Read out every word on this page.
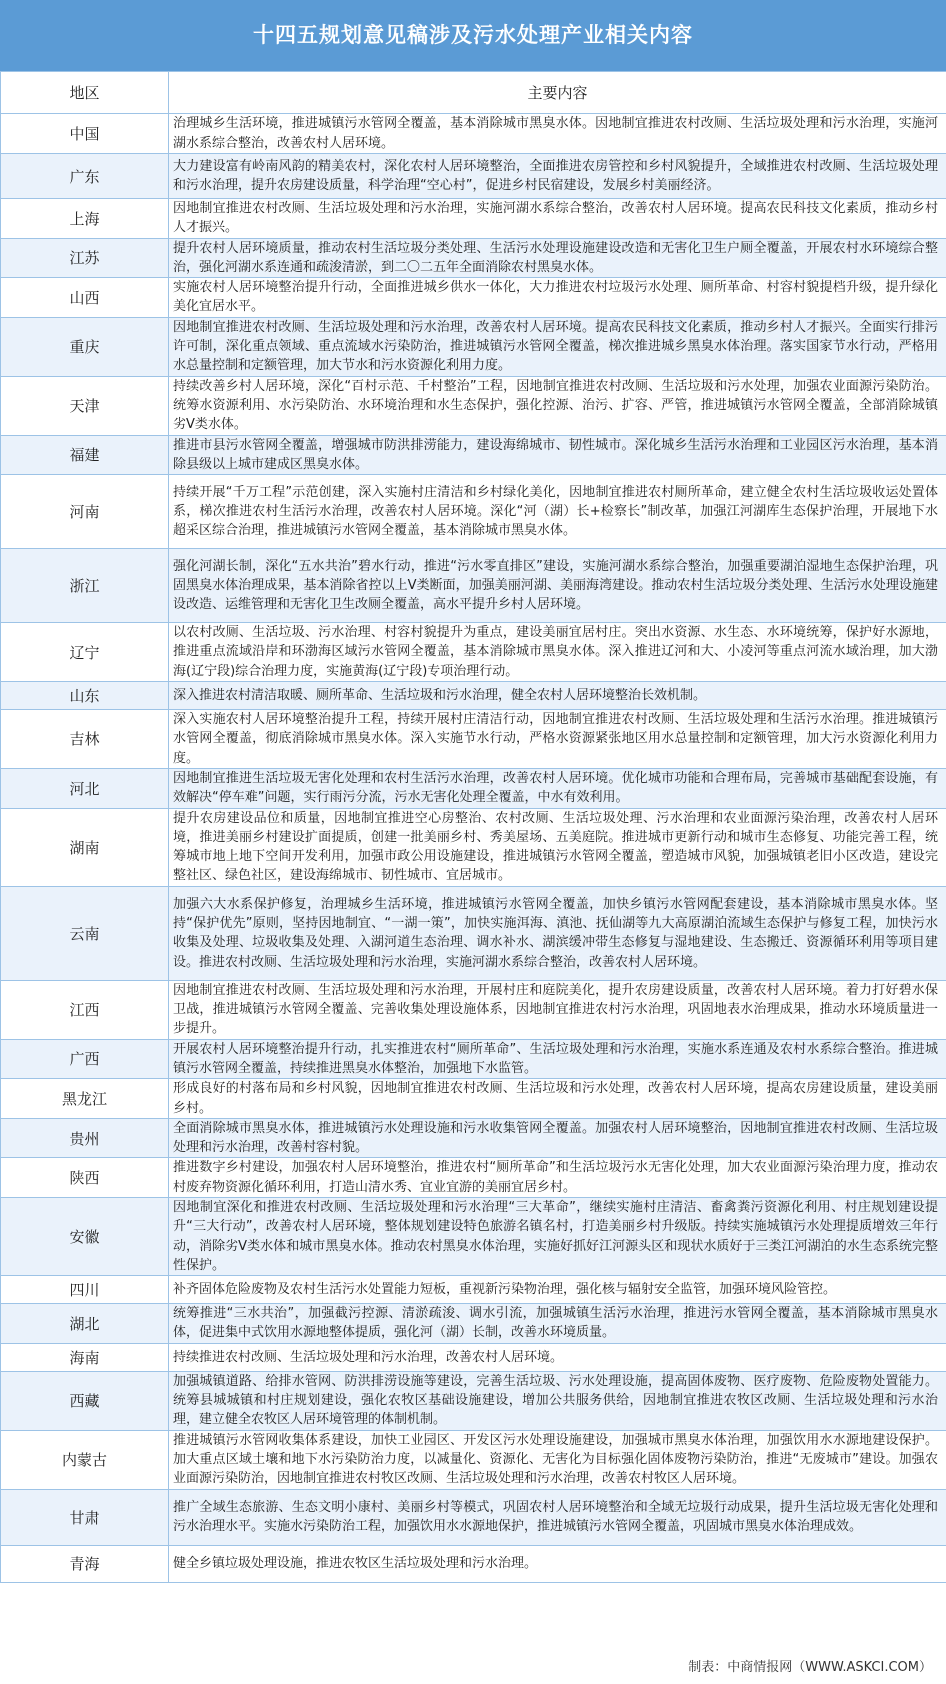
十四五规划意见稿涉及污水处理产业相关内容
地区	主要内容
中国	治理城乡生活环境，推进城镇污水管网全覆盖，基本消除城市黑臭水体。因地制宜推进农村改厕、生活垃圾处理和污水治理，实施河湖水系综合整治，改善农村人居环境。
广东	大力建设富有岭南风韵的精美农村，深化农村人居环境整治，全面推进农房管控和乡村风貌提升，全域推进农村改厕、生活垃圾处理和污水治理，提升农房建设质量，科学治理“空心村”，促进乡村民宿建设，发展乡村美丽经济。
上海	因地制宜推进农村改厕、生活垃圾处理和污水治理，实施河湖水系综合整治，改善农村人居环境。提高农民科技文化素质，推动乡村人才振兴。
江苏	提升农村人居环境质量，推动农村生活垃圾分类处理、生活污水处理设施建设改造和无害化卫生户厕全覆盖，开展农村水环境综合整治，强化河湖水系连通和疏浚清淤，到二〇二五年全面消除农村黑臭水体。
山西	实施农村人居环境整治提升行动，全面推进城乡供水一体化，大力推进农村垃圾污水处理、厕所革命、村容村貌提档升级，提升绿化美化宜居水平。
重庆	因地制宜推进农村改厕、生活垃圾处理和污水治理，改善农村人居环境。提高农民科技文化素质，推动乡村人才振兴。全面实行排污许可制，深化重点领域、重点流域水污染防治，推进城镇污水管网全覆盖，梯次推进城乡黑臭水体治理。落实国家节水行动，严格用水总量控制和定额管理，加大节水和污水资源化利用力度。
天津	持续改善乡村人居环境，深化“百村示范、千村整治”工程，因地制宜推进农村改厕、生活垃圾和污水处理，加强农业面源污染防治。统筹水资源利用、水污染防治、水环境治理和水生态保护，强化控源、治污、扩容、严管，推进城镇污水管网全覆盖，全部消除城镇劣Ⅴ类水体。
福建	推进市县污水管网全覆盖，增强城市防洪排涝能力，建设海绵城市、韧性城市。深化城乡生活污水治理和工业园区污水治理，基本消除县级以上城市建成区黑臭水体。
河南	持续开展“千万工程”示范创建，深入实施村庄清洁和乡村绿化美化，因地制宜推进农村厕所革命，建立健全农村生活垃圾收运处置体系，梯次推进农村生活污水治理，改善农村人居环境。深化“河（湖）长+检察长”制改革，加强江河湖库生态保护治理，开展地下水超采区综合治理，推进城镇污水管网全覆盖，基本消除城市黑臭水体。
浙江	强化河湖长制，深化“五水共治”碧水行动，推进“污水零直排区”建设，实施河湖水系综合整治，加强重要湖泊湿地生态保护治理，巩固黑臭水体治理成果，基本消除省控以上Ⅴ类断面，加强美丽河湖、美丽海湾建设。推动农村生活垃圾分类处理、生活污水处理设施建设改造、运维管理和无害化卫生改厕全覆盖，高水平提升乡村人居环境。
辽宁	以农村改厕、生活垃圾、污水治理、村容村貌提升为重点，建设美丽宜居村庄。突出水资源、水生态、水环境统筹，保护好水源地，推进重点流域沿岸和环渤海区域污水管网全覆盖，基本消除城市黑臭水体。深入推进辽河和大、小凌河等重点河流水域治理，加大渤海(辽宁段)综合治理力度，实施黄海(辽宁段)专项治理行动。
山东	深入推进农村清洁取暖、厕所革命、生活垃圾和污水治理，健全农村人居环境整治长效机制。
吉林	深入实施农村人居环境整治提升工程，持续开展村庄清洁行动，因地制宜推进农村改厕、生活垃圾处理和生活污水治理。推进城镇污水管网全覆盖，彻底消除城市黑臭水体。深入实施节水行动，严格水资源紧张地区用水总量控制和定额管理，加大污水资源化利用力度。
河北	因地制宜推进生活垃圾无害化处理和农村生活污水治理，改善农村人居环境。优化城市功能和合理布局，完善城市基础配套设施，有效解决“停车难”问题，实行雨污分流，污水无害化处理全覆盖，中水有效利用。
湖南	提升农房建设品位和质量，因地制宜推进空心房整治、农村改厕、生活垃圾处理、污水治理和农业面源污染治理，改善农村人居环境，推进美丽乡村建设扩面提质，创建一批美丽乡村、秀美屋场、五美庭院。推进城市更新行动和城市生态修复、功能完善工程，统筹城市地上地下空间开发利用，加强市政公用设施建设，推进城镇污水管网全覆盖，塑造城市风貌，加强城镇老旧小区改造，建设完整社区、绿色社区，建设海绵城市、韧性城市、宜居城市。
云南	加强六大水系保护修复，治理城乡生活环境，推进城镇污水管网全覆盖，加快乡镇污水管网配套建设，基本消除城市黑臭水体。坚持“保护优先”原则，坚持因地制宜、“一湖一策”，加快实施洱海、滇池、抚仙湖等九大高原湖泊流域生态保护与修复工程，加快污水收集及处理、垃圾收集及处理、入湖河道生态治理、调水补水、湖滨缓冲带生态修复与湿地建设、生态搬迁、资源循环利用等项目建设。推进农村改厕、生活垃圾处理和污水治理，实施河湖水系综合整治，改善农村人居环境。
江西	因地制宜推进农村改厕、生活垃圾处理和污水治理，开展村庄和庭院美化，提升农房建设质量，改善农村人居环境。着力打好碧水保卫战，推进城镇污水管网全覆盖、完善收集处理设施体系，因地制宜推进农村污水治理，巩固地表水治理成果，推动水环境质量进一步提升。
广西	开展农村人居环境整治提升行动，扎实推进农村“厕所革命”、生活垃圾处理和污水治理，实施水系连通及农村水系综合整治。推进城镇污水管网全覆盖，持续推进黑臭水体整治，加强地下水监管。
黑龙江	形成良好的村落布局和乡村风貌，因地制宜推进农村改厕、生活垃圾和污水处理，改善农村人居环境，提高农房建设质量，建设美丽乡村。
贵州	全面消除城市黑臭水体，推进城镇污水处理设施和污水收集管网全覆盖。加强农村人居环境整治，因地制宜推进农村改厕、生活垃圾处理和污水治理，改善村容村貌。
陕西	推进数字乡村建设，加强农村人居环境整治，推进农村“厕所革命”和生活垃圾污水无害化处理，加大农业面源污染治理力度，推动农村废弃物资源化循环利用，打造山清水秀、宜业宜游的美丽宜居乡村。
安徽	因地制宜深化和推进农村改厕、生活垃圾处理和污水治理“三大革命”，继续实施村庄清洁、畜禽粪污资源化利用、村庄规划建设提升“三大行动”，改善农村人居环境，整体规划建设特色旅游名镇名村，打造美丽乡村升级版。持续实施城镇污水处理提质增效三年行动，消除劣Ⅴ类水体和城市黑臭水体。推动农村黑臭水体治理，实施好抓好江河源头区和现状水质好于三类江河湖泊的水生态系统完整性保护。
四川	补齐固体危险废物及农村生活污水处置能力短板，重视新污染物治理，强化核与辐射安全监管，加强环境风险管控。
湖北	统筹推进“三水共治”，加强截污控源、清淤疏浚、调水引流，加强城镇生活污水治理，推进污水管网全覆盖，基本消除城市黑臭水体，促进集中式饮用水源地整体提质，强化河（湖）长制，改善水环境质量。
海南	持续推进农村改厕、生活垃圾处理和污水治理，改善农村人居环境。
西藏	加强城镇道路、给排水管网、防洪排涝设施等建设，完善生活垃圾、污水处理设施，提高固体废物、医疗废物、危险废物处置能力。统筹县城城镇和村庄规划建设，强化农牧区基础设施建设，增加公共服务供给，因地制宜推进农牧区改厕、生活垃圾处理和污水治理，建立健全农牧区人居环境管理的体制机制。
内蒙古	推进城镇污水管网收集体系建设，加快工业园区、开发区污水处理设施建设，加强城市黑臭水体治理，加强饮用水水源地建设保护。加大重点区域土壤和地下水污染防治力度，以减量化、资源化、无害化为目标强化固体废物污染防治，推进“无废城市”建设。加强农业面源污染防治，因地制宜推进农村牧区改厕、生活垃圾处理和污水治理，改善农村牧区人居环境。
甘肃	推广全域生态旅游、生态文明小康村、美丽乡村等模式，巩固农村人居环境整治和全域无垃圾行动成果，提升生活垃圾无害化处理和污水治理水平。实施水污染防治工程，加强饮用水水源地保护，推进城镇污水管网全覆盖，巩固城市黑臭水体治理成效。
青海	健全乡镇垃圾处理设施，推进农牧区生活垃圾处理和污水治理。
制表：中商情报网（WWW.ASKCI.COM）
